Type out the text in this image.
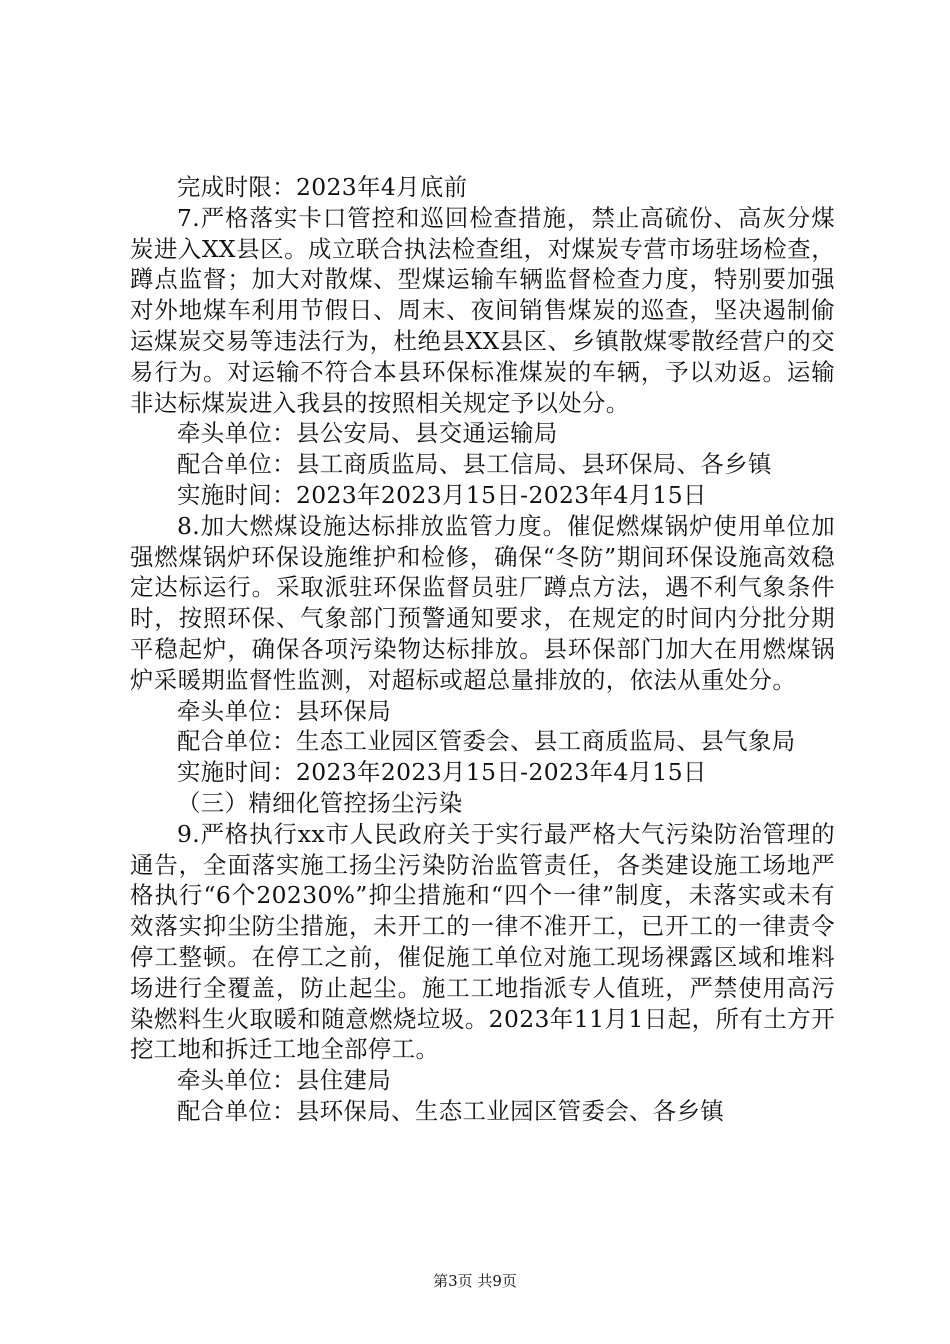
完成时限：2023年4月底前

7.严格落实卡口管控和巡回检查措施，禁止高硫份、高灰分煤炭进入XX县区。成立联合执法检查组，对煤炭专营市场驻场检查，蹲点监督；加大对散煤、型煤运输车辆监督检查力度，特别要加强对外地煤车利用节假日、周末、夜间销售煤炭的巡查，坚决遏制偷运煤炭交易等违法行为，杜绝县XX县区、乡镇散煤零散经营户的交易行为。对运输不符合本县环保标准煤炭的车辆，予以劝返。运输非达标煤炭进入我县的按照相关规定予以处分。

牵头单位：县公安局、县交通运输局

配合单位：县工商质监局、县工信局、县环保局、各乡镇

实施时间：2023年2023月15日-2023年4月15日

8.加大燃煤设施达标排放监管力度。催促燃煤锅炉使用单位加强燃煤锅炉环保设施维护和检修，确保“冬防”期间环保设施高效稳定达标运行。采取派驻环保监督员驻厂蹲点方法，遇不利气象条件时，按照环保、气象部门预警通知要求，在规定的时间内分批分期平稳起炉，确保各项污染物达标排放。县环保部门加大在用燃煤锅炉采暖期监督性监测，对超标或超总量排放的，依法从重处分。

牵头单位：县环保局

配合单位：生态工业园区管委会、县工商质监局、县气象局

实施时间：2023年2023月15日-2023年4月15日

（三）精细化管控扬尘污染

9.严格执行xx市人民政府关于实行最严格大气污染防治管理的通告，全面落实施工扬尘污染防治监管责任，各类建设施工场地严格执行“6个20230%”抑尘措施和“四个一律”制度，未落实或未有效落实抑尘防尘措施，未开工的一律不准开工，已开工的一律责令停工整顿。在停工之前，催促施工单位对施工现场裸露区域和堆料场进行全覆盖，防止起尘。施工工地指派专人值班，严禁使用高污染燃料生火取暖和随意燃烧垃圾。2023年11月1日起，所有土方开挖工地和拆迁工地全部停工。

牵头单位：县住建局

配合单位：县环保局、生态工业园区管委会、各乡镇

第3页 共9页
